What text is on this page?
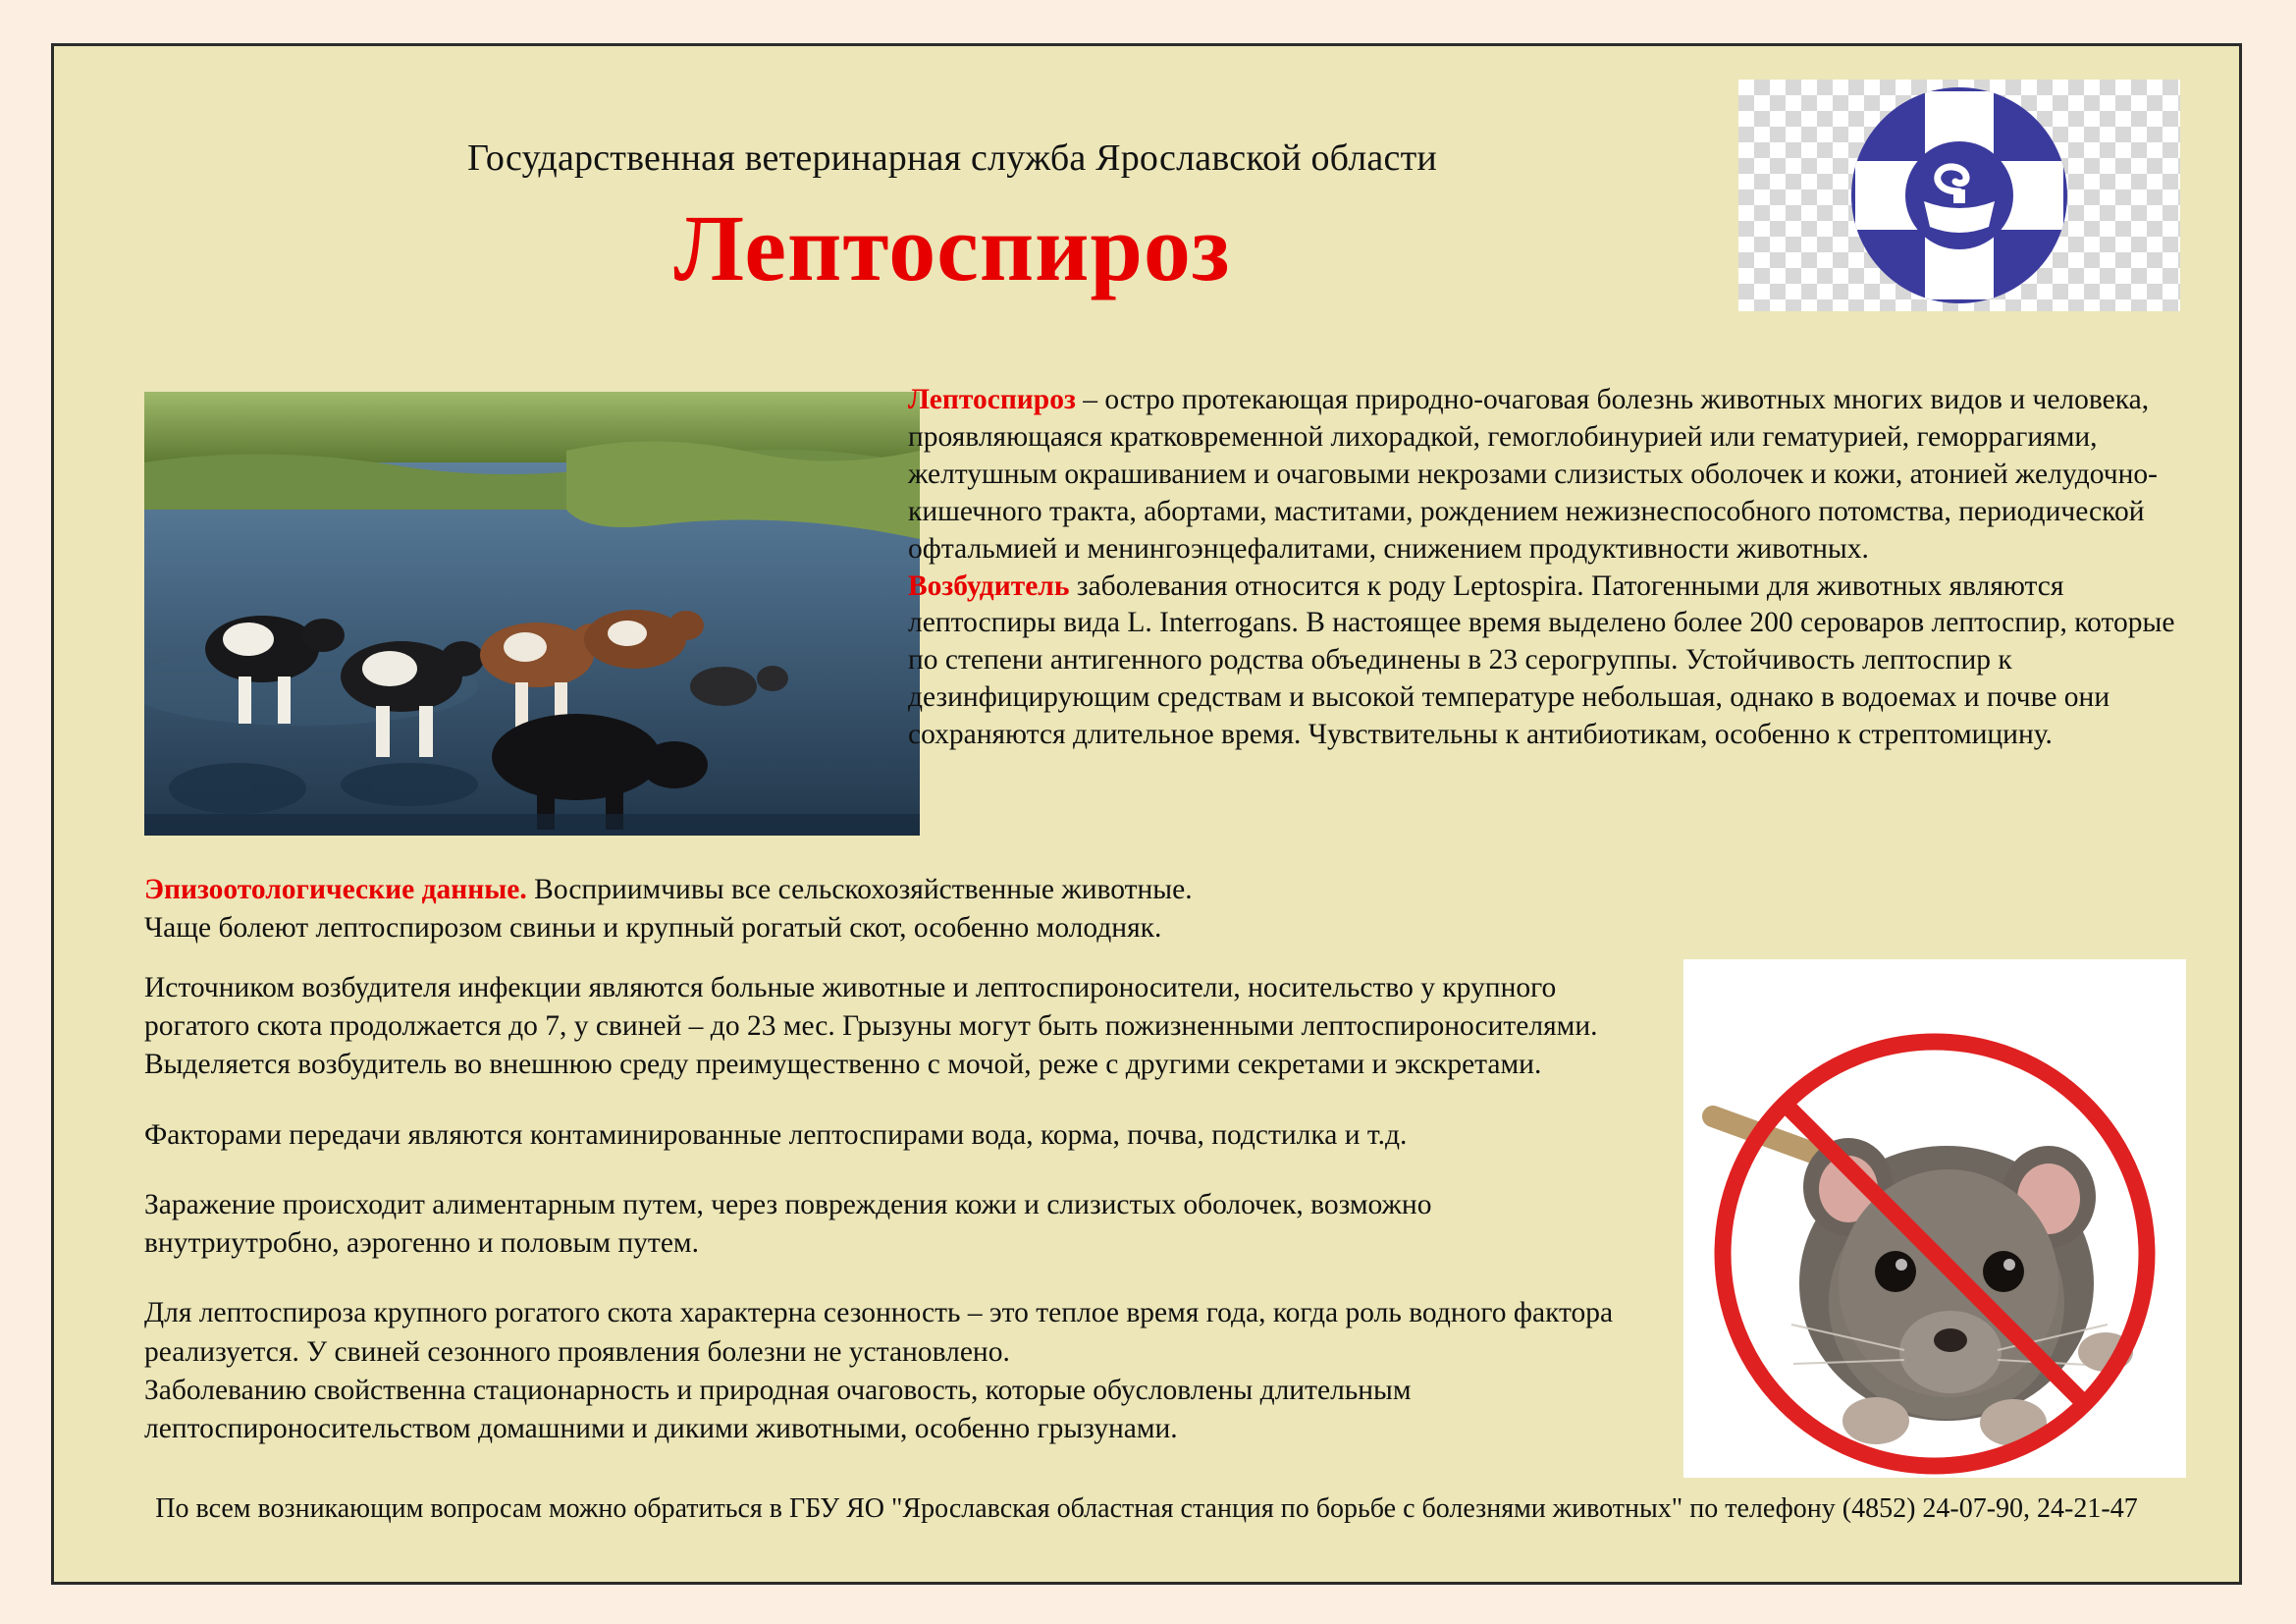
Государственная ветеринарная служба Ярославской области
Лептоспироз
Лептоспироз – остро протекающая природно-очаговая болезнь животных многих видов и человека, проявляющаяся кратковременной лихорадкой, гемоглобинурией или гематурией, геморрагиями, желтушным окрашиванием и очаговыми некрозами слизистых оболочек и кожи, атонией желудочно-кишечного тракта, абортами, маститами, рождением нежизнеспособного потомства, периодической офтальмией и менингоэнцефалитами, снижением продуктивности животных.
Возбудитель заболевания относится к роду Leptospira. Патогенными для животных являются лептоспиры вида L. Interrogans. В настоящее время выделено более 200 сероваров лептоспир, которые по степени антигенного родства объединены в 23 серогруппы. Устойчивость лептоспир к дезинфицирующим средствам и высокой температуре небольшая, однако в водоемах и почве они сохраняются длительное время. Чувствительны к антибиотикам, особенно к стрептомицину.
Эпизоотологические данные. Восприимчивы все сельскохозяйственные животные.
Чаще болеют лептоспирозом свиньи и крупный рогатый скот, особенно молодняк.

Источником возбудителя инфекции являются больные животные и лептоспироносители, носительство у крупного рогатого скота продолжается до 7, у свиней – до 23 мес. Грызуны могут быть пожизненными лептоспироносителями. Выделяется возбудитель во внешнюю среду преимущественно с мочой, реже с другими секретами и экскретами.

Факторами передачи являются контаминированные лептоспирами вода, корма, почва, подстилка и т.д.

Заражение происходит алиментарным путем, через повреждения кожи и слизистых оболочек, возможно внутриутробно, аэрогенно и половым путем.

Для лептоспироза крупного рогатого скота характерна сезонность – это теплое время года, когда роль водного фактора реализуется. У свиней сезонного проявления болезни не установлено.

Заболеванию свойственна стационарность и природная очаговость, которые обусловлены длительным лептоспироносительством домашними и дикими животными, особенно грызунами.

По всем возникающим вопросам можно обратиться в ГБУ ЯО "Ярославская областная станция по борьбе с болезнями животных" по телефону (4852) 24-07-90, 24-21-47
